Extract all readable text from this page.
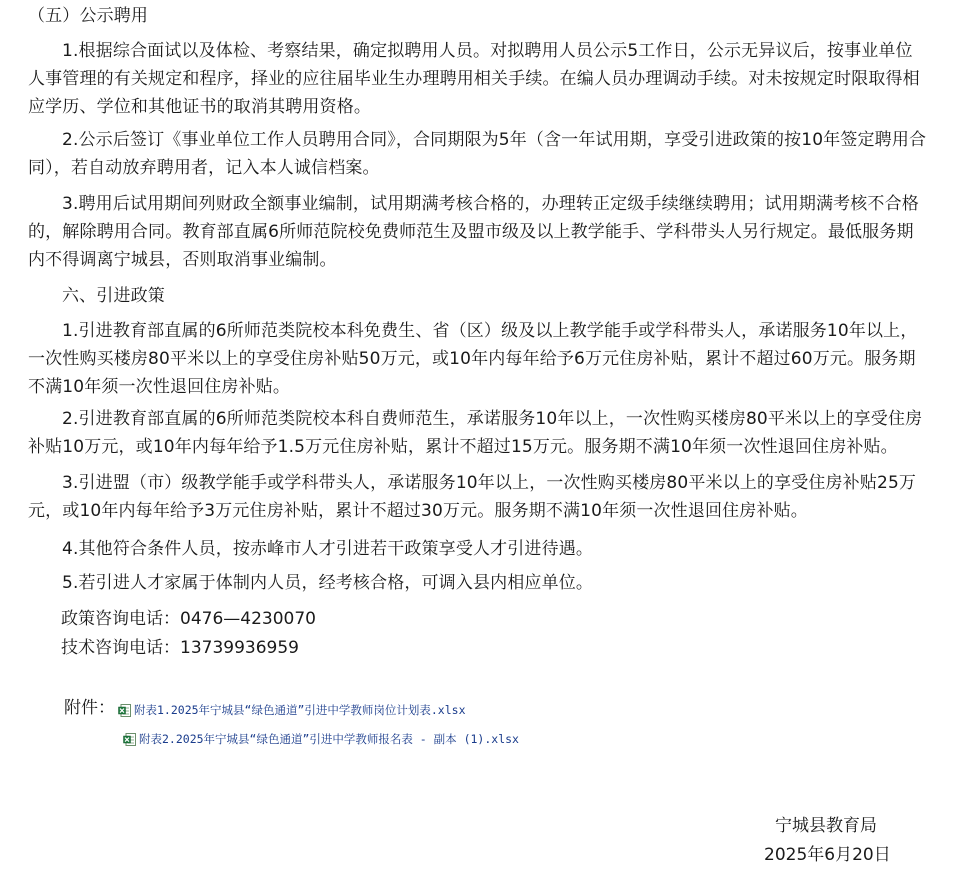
（五）公示聘用

1.根据综合面试以及体检、考察结果，确定拟聘用人员。对拟聘用人员公示5工作日，公示无异议后，按事业单位人事管理的有关规定和程序，择业的应往届毕业生办理聘用相关手续。在编人员办理调动手续。对未按规定时限取得相应学历、学位和其他证书的取消其聘用资格。

2.公示后签订《事业单位工作人员聘用合同》，合同期限为5年（含一年试用期，享受引进政策的按10年签定聘用合同），若自动放弃聘用者，记入本人诚信档案。

3.聘用后试用期间列财政全额事业编制，试用期满考核合格的，办理转正定级手续继续聘用；试用期满考核不合格的，解除聘用合同。教育部直属6所师范院校免费师范生及盟市级及以上教学能手、学科带头人另行规定。最低服务期内不得调离宁城县，否则取消事业编制。

六、引进政策

1.引进教育部直属的6所师范类院校本科免费生、省（区）级及以上教学能手或学科带头人，承诺服务10年以上，一次性购买楼房80平米以上的享受住房补贴50万元，或10年内每年给予6万元住房补贴，累计不超过60万元。服务期不满10年须一次性退回住房补贴。

2.引进教育部直属的6所师范类院校本科自费师范生，承诺服务10年以上，一次性购买楼房80平米以上的享受住房补贴10万元，或10年内每年给予1.5万元住房补贴，累计不超过15万元。服务期不满10年须一次性退回住房补贴。

3.引进盟（市）级教学能手或学科带头人，承诺服务10年以上，一次性购买楼房80平米以上的享受住房补贴25万元，或10年内每年给予3万元住房补贴，累计不超过30万元。服务期不满10年须一次性退回住房补贴。

4.其他符合条件人员，按赤峰市人才引进若干政策享受人才引进待遇。

5.若引进人才家属于体制内人员，经考核合格，可调入县内相应单位。

政策咨询电话：0476—4230070

技术咨询电话：13739936959

附件： 附表1.2025年宁城县“绿色通道”引进中学教师岗位计划表.xlsx
附表2.2025年宁城县“绿色通道”引进中学教师报名表 - 副本 (1).xlsx
宁城县教育局
2025年6月20日
